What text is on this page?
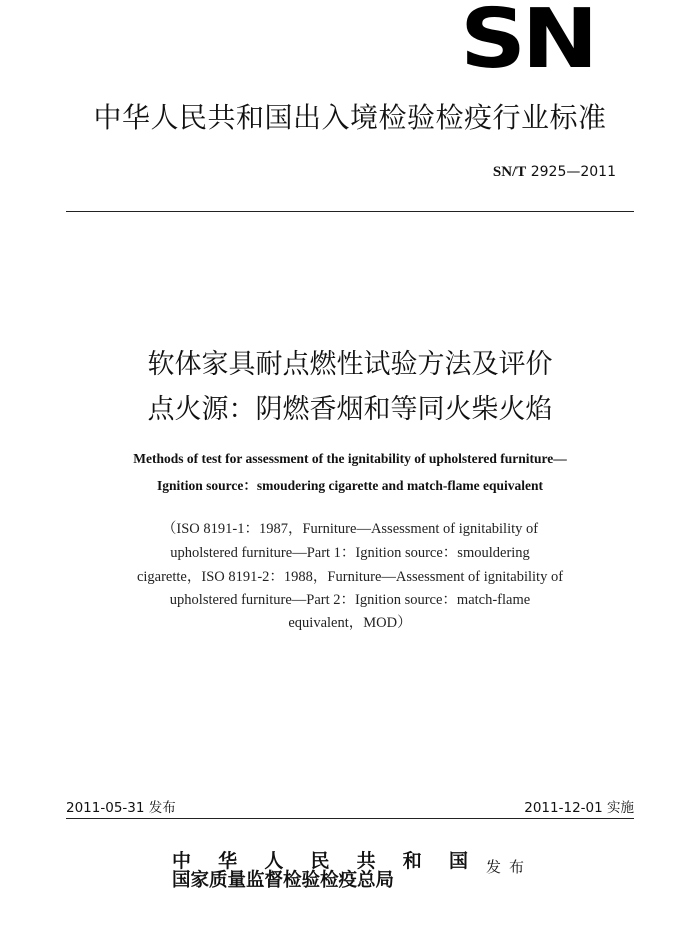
SN
中华人民共和国出入境检验检疫行业标准
SN/T 2925—2011
软体家具耐点燃性试验方法及评价
点火源：阴燃香烟和等同火柴火焰
Methods of test for assessment of the ignitability of upholstered furniture—
Ignition source：smoudering cigarette and match-flame equivalent
（ISO 8191-1：1987，Furniture—Assessment of ignitability of
upholstered furniture—Part 1：Ignition source：smouldering
cigarette，ISO 8191-2：1988，Furniture—Assessment of ignitability of
upholstered furniture—Part 2：Ignition source：match-flame
equivalent，MOD）
2011-05-31 发布	2011-12-01 实施
中 华 人 民 共 和 国
国家质量监督检验检疫总局
发布
